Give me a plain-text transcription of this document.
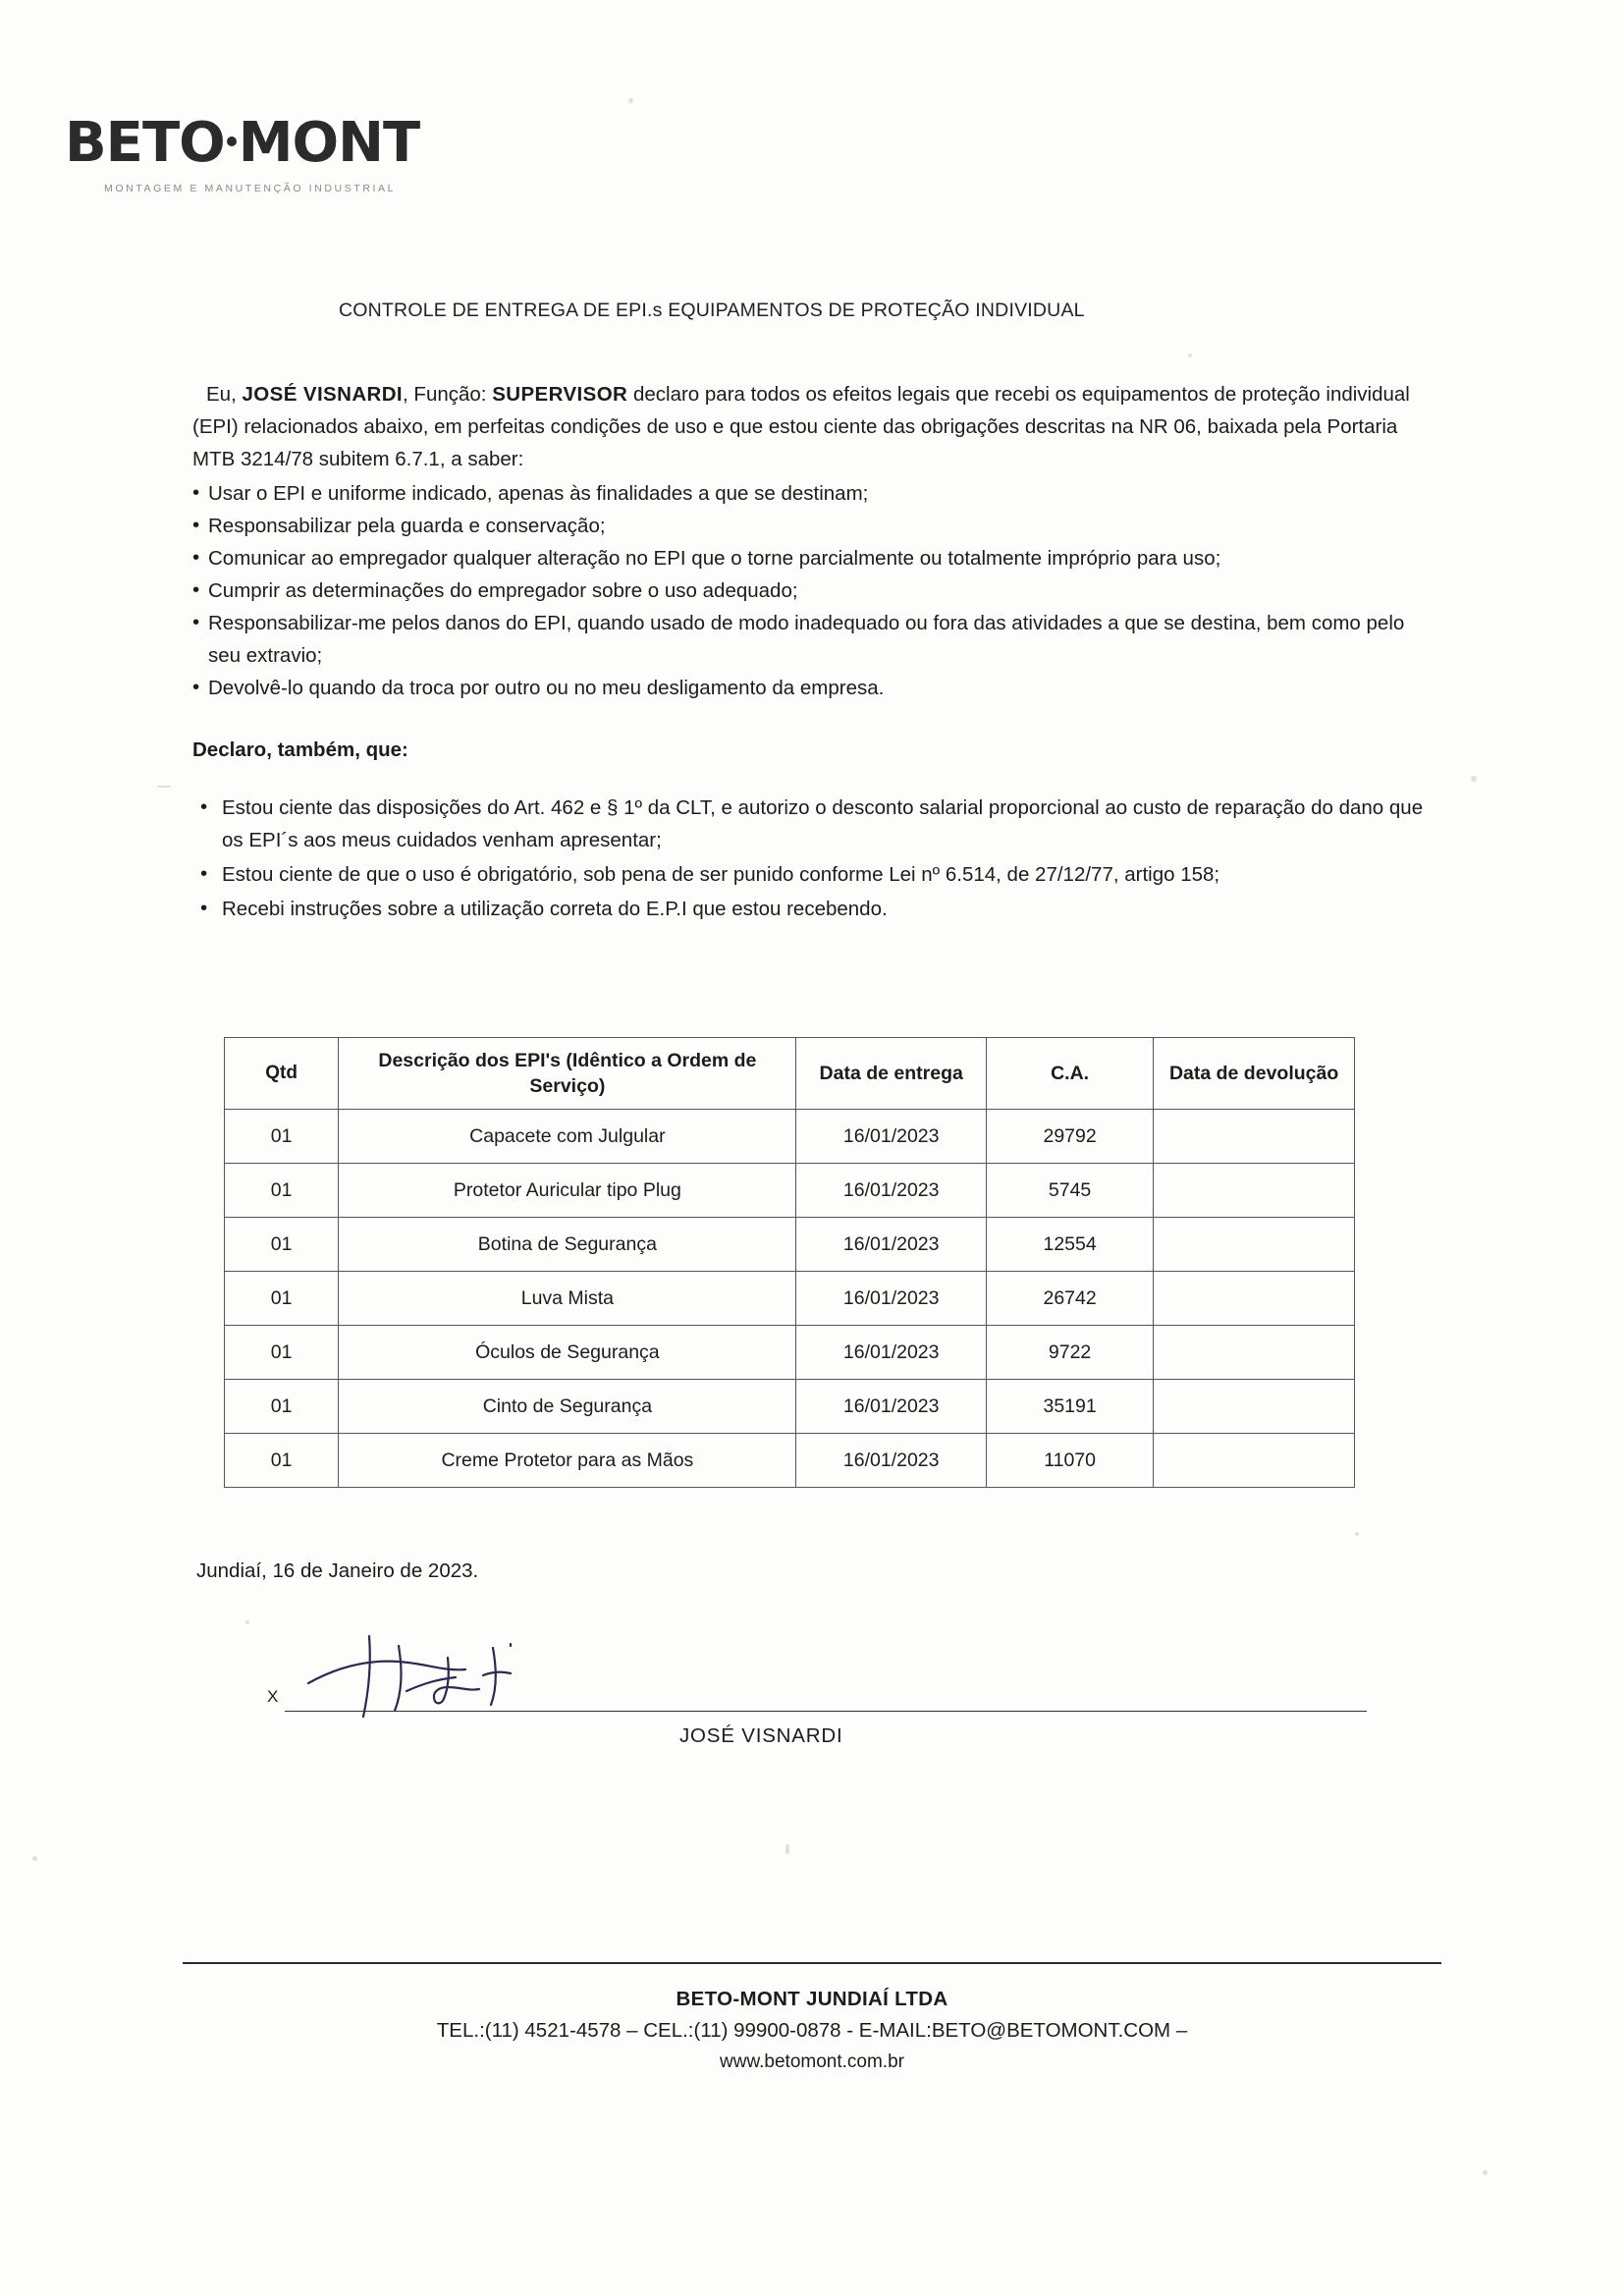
BETO MONT
MONTAGEM E MANUTENÇÃO INDUSTRIAL
CONTROLE DE ENTREGA DE EPI.s EQUIPAMENTOS DE PROTEÇÃO INDIVIDUAL

Eu, JOSÉ VISNARDI, Função: SUPERVISOR declaro para todos os efeitos legais que recebi os equipamentos de proteção individual (EPI) relacionados abaixo, em perfeitas condições de uso e que estou ciente das obrigações descritas na NR 06, baixada pela Portaria MTB 3214/78 subitem 6.7.1, a saber:

• Usar o EPI e uniforme indicado, apenas às finalidades a que se destinam;
• Responsabilizar pela guarda e conservação;
• Comunicar ao empregador qualquer alteração no EPI que o torne parcialmente ou totalmente impróprio para uso;
• Cumprir as determinações do empregador sobre o uso adequado;
• Responsabilizar-me pelos danos do EPI, quando usado de modo inadequado ou fora das atividades a que se destina, bem como pelo seu extravio;
• Devolvê-lo quando da troca por outro ou no meu desligamento da empresa.
Declaro, também, que:
• Estou ciente das disposições do Art. 462 e § 1º da CLT, e autorizo o desconto salarial proporcional ao custo de reparação do dano que os EPI´s aos meus cuidados venham apresentar;
• Estou ciente de que o uso é obrigatório, sob pena de ser punido conforme Lei nº 6.514, de 27/12/77, artigo 158;
• Recebi instruções sobre a utilização correta do E.P.I que estou recebendo.
Qtd	Descrição dos EPI's (Idêntico a Ordem de Serviço)	Data de entrega	C.A.	Data de devolução
01	Capacete com Julgular	16/01/2023	29792	
01	Protetor Auricular tipo Plug	16/01/2023	5745	
01	Botina de Segurança	16/01/2023	12554	
01	Luva Mista	16/01/2023	26742	
01	Óculos de Segurança	16/01/2023	9722	
01	Cinto de Segurança	16/01/2023	35191	
01	Creme Protetor para as Mãos	16/01/2023	11070	
Jundiaí, 16 de Janeiro de 2023.
X
JOSÉ VISNARDI
BETO-MONT JUNDIAÍ LTDA
TEL.:(11) 4521-4578 – CEL.:(11) 99900-0878 - E-MAIL:BETO@BETOMONT.COM –
www.betomont.com.br
